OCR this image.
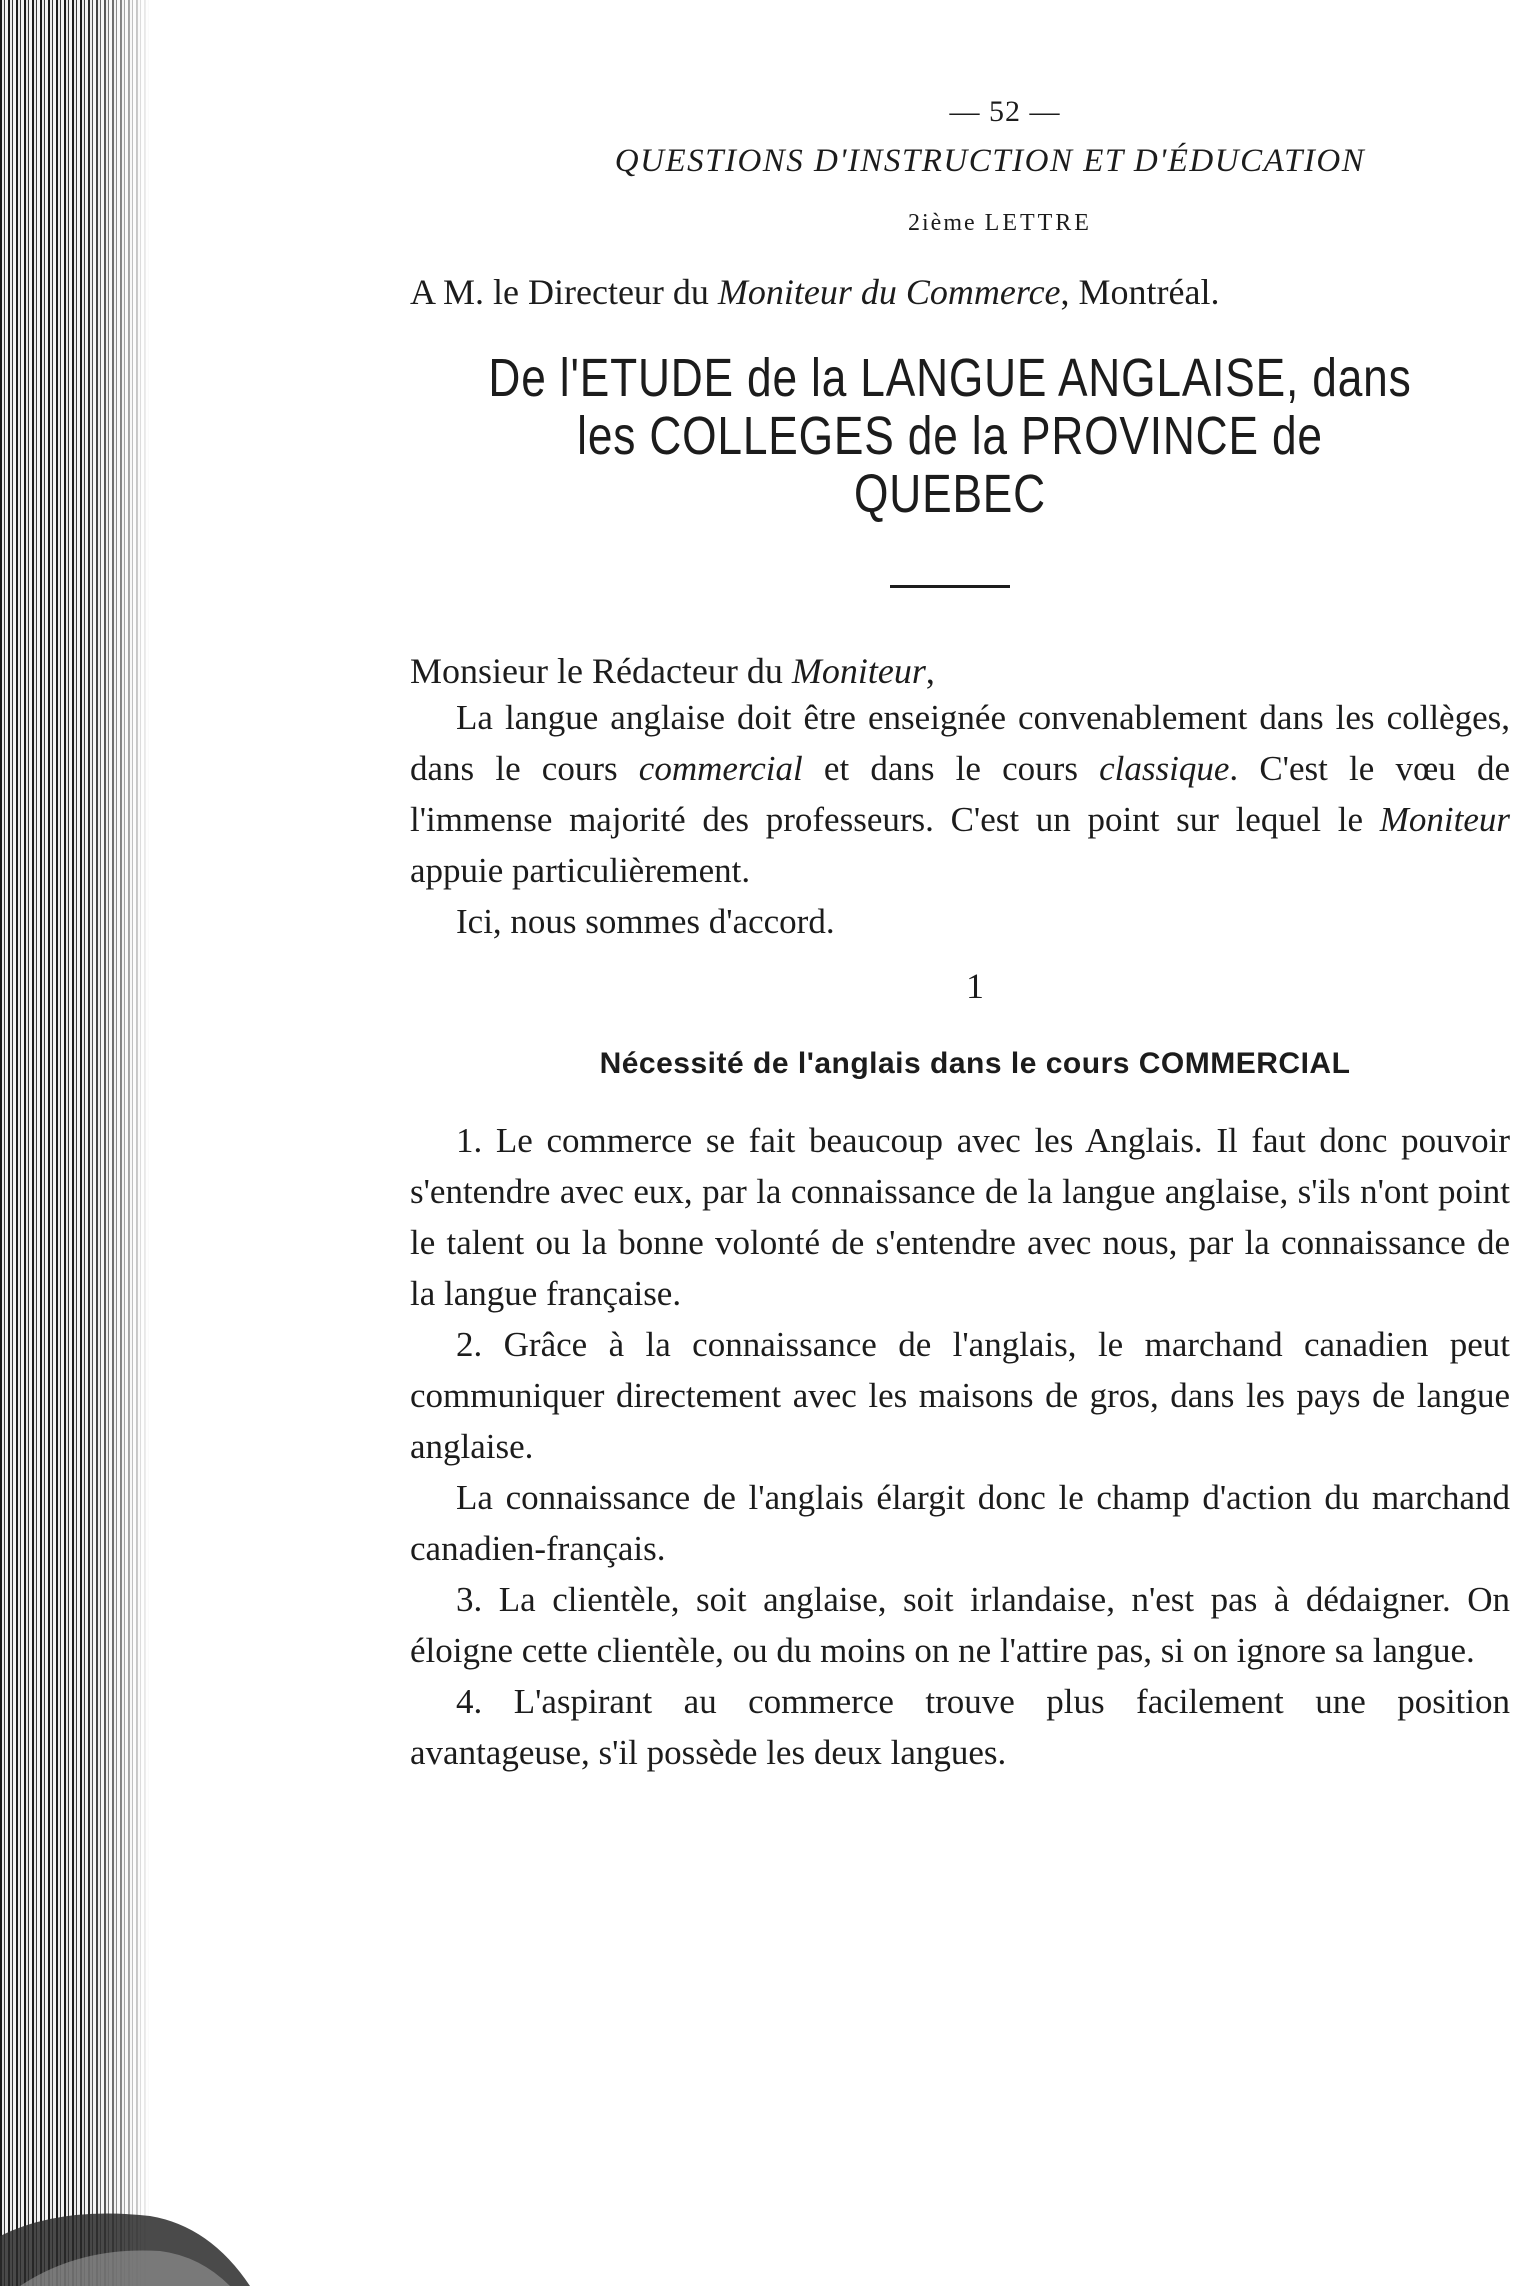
— 52 —
QUESTIONS D'INSTRUCTION ET D'ÉDUCATION
2ième LETTRE
A M. le Directeur du Moniteur du Commerce, Montréal.
De l'ETUDE de la LANGUE ANGLAISE, dans
les COLLEGES de la PROVINCE de
QUEBEC
Monsieur le Rédacteur du Moniteur,

La langue anglaise doit être enseignée convenablement dans les collèges, dans le cours commercial et dans le cours classique. C'est le vœu de l'immense majorité des professeurs. C'est un point sur lequel le Moniteur appuie particulièrement.

Ici, nous sommes d'accord.

1
Nécessité de l'anglais dans le cours COMMERCIAL

1. Le commerce se fait beaucoup avec les Anglais. Il faut donc pouvoir s'entendre avec eux, par la connaissance de la langue anglaise, s'ils n'ont point le talent ou la bonne volonté de s'entendre avec nous, par la connaissance de la langue française.

2. Grâce à la connaissance de l'anglais, le marchand canadien peut communiquer directement avec les maisons de gros, dans les pays de langue anglaise.

La connaissance de l'anglais élargit donc le champ d'action du marchand canadien-français.

3. La clientèle, soit anglaise, soit irlandaise, n'est pas à dédaigner. On éloigne cette clientèle, ou du moins on ne l'attire pas, si on ignore sa langue.

4. L'aspirant au commerce trouve plus facilement une position avantageuse, s'il possède les deux langues.
